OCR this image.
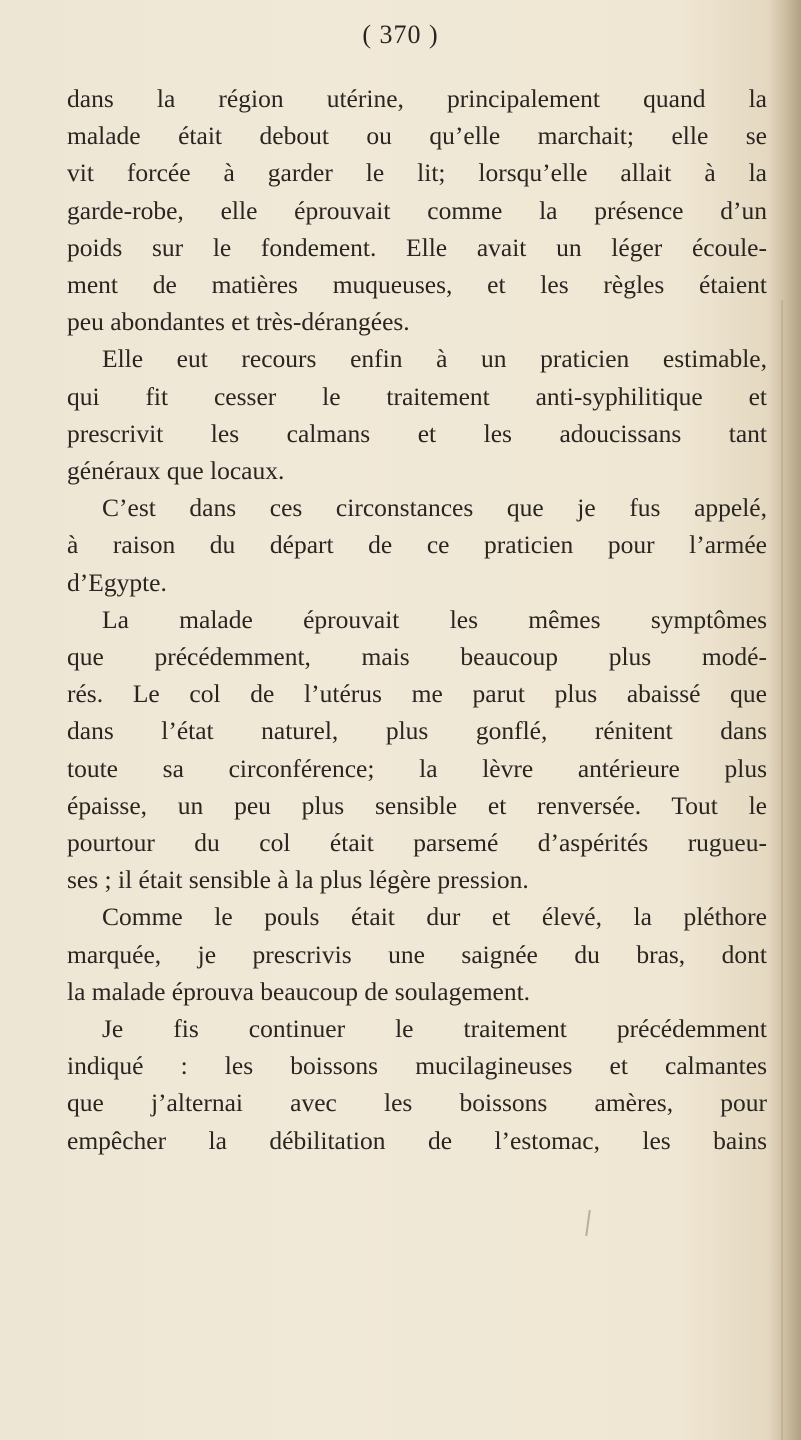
( 370 )
dans la région utérine, principalement quand la
malade était debout ou qu’elle marchait; elle se
vit forcée à garder le lit; lorsqu’elle allait à la
garde-robe, elle éprouvait comme la présence d’un
poids sur le fondement. Elle avait un léger écoule-
ment de matières muqueuses, et les règles étaient
peu abondantes et très-dérangées.
Elle eut recours enfin à un praticien estimable,
qui fit cesser le traitement anti-syphilitique et
prescrivit les calmans et les adoucissans tant
généraux que locaux.
C’est dans ces circonstances que je fus appelé,
à raison du départ de ce praticien pour l’armée
d’Egypte.
La malade éprouvait les mêmes symptômes
que précédemment, mais beaucoup plus modé-
rés. Le col de l’utérus me parut plus abaissé que
dans l’état naturel, plus gonflé, rénitent dans
toute sa circonférence; la lèvre antérieure plus
épaisse, un peu plus sensible et renversée. Tout le
pourtour du col était parsemé d’aspérités rugueu-
ses ; il était sensible à la plus légère pression.
Comme le pouls était dur et élevé, la pléthore
marquée, je prescrivis une saignée du bras, dont
la malade éprouva beaucoup de soulagement.
Je fis continuer le traitement précédemment
indiqué : les boissons mucilagineuses et calmantes
que j’alternai avec les boissons amères, pour
empêcher la débilitation de l’estomac, les bains
